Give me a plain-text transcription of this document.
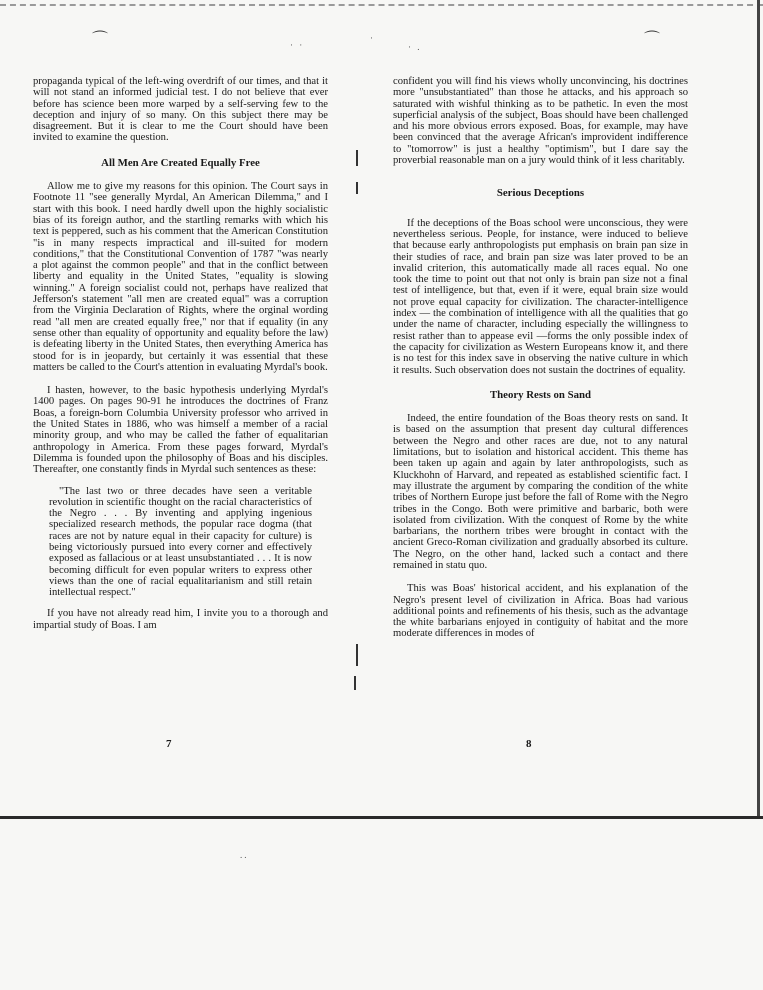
⌒	⌒
· ·
·
· .

propaganda typical of the left-wing overdrift of our times, and that it will not stand an informed judicial test. I do not believe that ever before has science been more warped by a self-serving few to the deception and injury of so many. On this subject there may be disagreement. But it is clear to me the Court should have been invited to examine the question.

All Men Are Created Equally Free

Allow me to give my reasons for this opinion. The Court says in Footnote 11 "see generally Myrdal, An American Dilemma," and I start with this book. I need hardly dwell upon the highly socialistic bias of its foreign author, and the startling remarks with which his text is peppered, such as his comment that the American Constitution "is in many respects impractical and ill-suited for modern conditions," that the Constitutional Convention of 1787 "was nearly a plot against the common people" and that in the conflict between liberty and equality in the United States, "equality is slowing winning." A foreign socialist could not, perhaps have realized that Jefferson's statement "all men are created equal" was a corruption from the Virginia Declaration of Rights, where the orginal wording read "all men are created equally free," nor that if equality (in any sense other than equality of opportunity and equality before the law) is defeating liberty in the United States, then everything America has stood for is in jeopardy, but certainly it was essential that these matters be called to the Court's attention in evaluating Myrdal's book.

I hasten, however, to the basic hypothesis underlying Myrdal's 1400 pages. On pages 90-91 he introduces the doctrines of Franz Boas, a foreign-born Columbia University professor who arrived in the United States in 1886, who was himself a member of a racial minority group, and who may be called the father of equalitarian anthropology in America. From these pages forward, Myrdal's Dilemma is founded upon the philosophy of Boas and his disciples. Thereafter, one constantly finds in Myrdal such sentences as these:

"The last two or three decades have seen a veritable revolution in scientific thought on the racial characteristics of the Negro . . . By inventing and applying ingenious specialized research methods, the popular race dogma (that races are not by nature equal in their capacity for culture) is being victoriously pursued into every corner and effectively exposed as fallacious or at least unsubstantiated . . . It is now becoming difficult for even popular writers to express other views than the one of racial equalitarianism and still retain intellectual respect."

If you have not already read him, I invite you to a thorough and impartial study of Boas. I am

confident you will find his views wholly unconvincing, his doctrines more "unsubstantiated" than those he attacks, and his approach so saturated with wishful thinking as to be pathetic. In even the most superficial analysis of the subject, Boas should have been challenged and his more obvious errors exposed. Boas, for example, may have been convinced that the average African's improvident indifference to "tomorrow" is just a healthy "optimism", but I dare say the proverbial reasonable man on a jury would think of it less charitably.

Serious Deceptions

If the deceptions of the Boas school were unconscious, they were nevertheless serious. People, for instance, were induced to believe that because early anthropologists put emphasis on brain pan size in their studies of race, and brain pan size was later proved to be an invalid criterion, this automatically made all races equal. No one took the time to point out that not only is brain pan size not a final test of intelligence, but that, even if it were, equal brain size would not prove equal capacity for civilization. The character-intelligence index — the combination of intelligence with all the qualities that go under the name of character, including especially the willingness to resist rather than to appease evil —forms the only possible index of the capacity for civilization as Western Europeans know it, and there is no test for this index save in observing the native culture in which it results. Such observation does not sustain the doctrines of equality.

Theory Rests on Sand

Indeed, the entire foundation of the Boas theory rests on sand. It is based on the assumption that present day cultural differences between the Negro and other races are due, not to any natural limitations, but to isolation and historical accident. This theme has been taken up again and again by later anthropologists, such as Kluckhohn of Harvard, and repeated as established scientific fact. I may illustrate the argument by comparing the condition of the white tribes of Northern Europe just before the fall of Rome with the Negro tribes in the Congo. Both were primitive and barbaric, both were isolated from civilization. With the conquest of Rome by the white barbarians, the northern tribes were brought in contact with the ancient Greco-Roman civilization and gradually absorbed its culture. The Negro, on the other hand, lacked such a contact and there remained in statu quo.

This was Boas' historical accident, and his explanation of the Negro's present level of civilization in Africa. Boas had various additional points and refinements of his thesis, such as the advantage the white barbarians enjoyed in contiguity of habitat and the more moderate differences in modes of

7	8
..
